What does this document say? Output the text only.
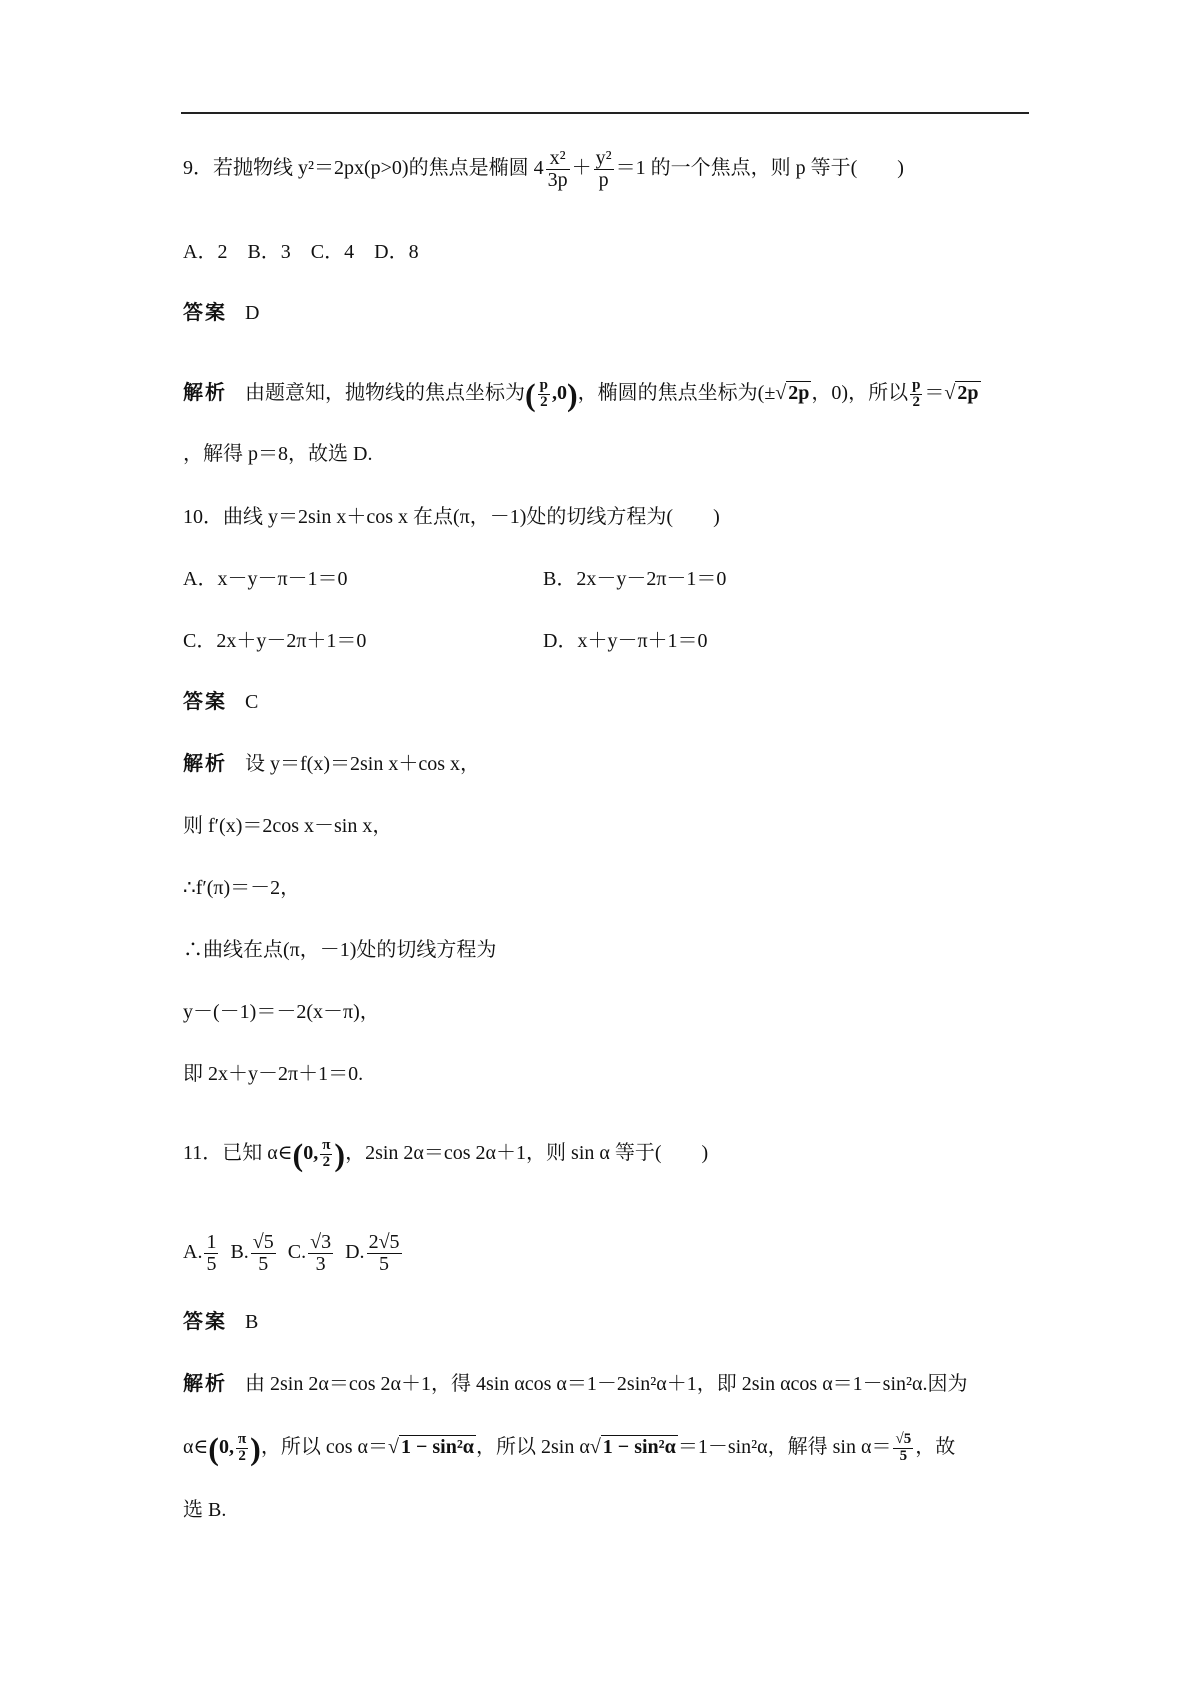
9．若抛物线 y²＝2px(p>0)的焦点是椭圆 $4 \frac{\text{x²}}{3p} + \frac{\text{y²}}{p} =1$ 的一个焦点，则 p 等于(　　)
A．2　B．3　C．4　D．8
答案 D
解析 由题意知，抛物线的焦点坐标为( $\frac{p}{2} ,0$)，椭圆的焦点坐标为(±√ 2p ，0)，所以 $\frac{p}{2}$ ＝√ 2p
，解得 p＝8，故选 D.
10．曲线 y＝2sin x＋cos x 在点(π，－1)处的切线方程为(　　)
A．x－y－π－1＝0	B．2x－y－2π－1＝0
C．2x＋y－2π＋1＝0	D．x＋y－π＋1＝0
答案 C
解析 设 y＝f(x)＝2sin x＋cos x，
则 f′(x)＝2cos x－sin x，
∴f′(π)＝－2，
∴曲线在点(π，－1)处的切线方程为
y－(－1)＝－2(x－π)，
即 2x＋y－2π＋1＝0.
11．已知 α∈(0, $\frac{\pi}{2}$ )，2sin 2α＝cos 2α＋1，则 sin α 等于(　　)
A. $\frac{1}{5} B$. $\frac{√5}{5} C$. $\frac{√3}{3} D$. $\frac{2√5}{5}$
答案 B
解析 由 2sin 2α＝cos 2α＋1，得 4sin αcos α＝1－2sin²α＋1，即 2sin αcos α＝1－sin²α.因为
α∈(0, $\frac{\pi}{2}$ )，所以 cos α＝√ 1 − sin²α ，所以 2sin α√ 1 − sin²α ＝1－sin²α，解得 $\sin \alpha= \frac{√5}{5}$ ，故
选 B.
